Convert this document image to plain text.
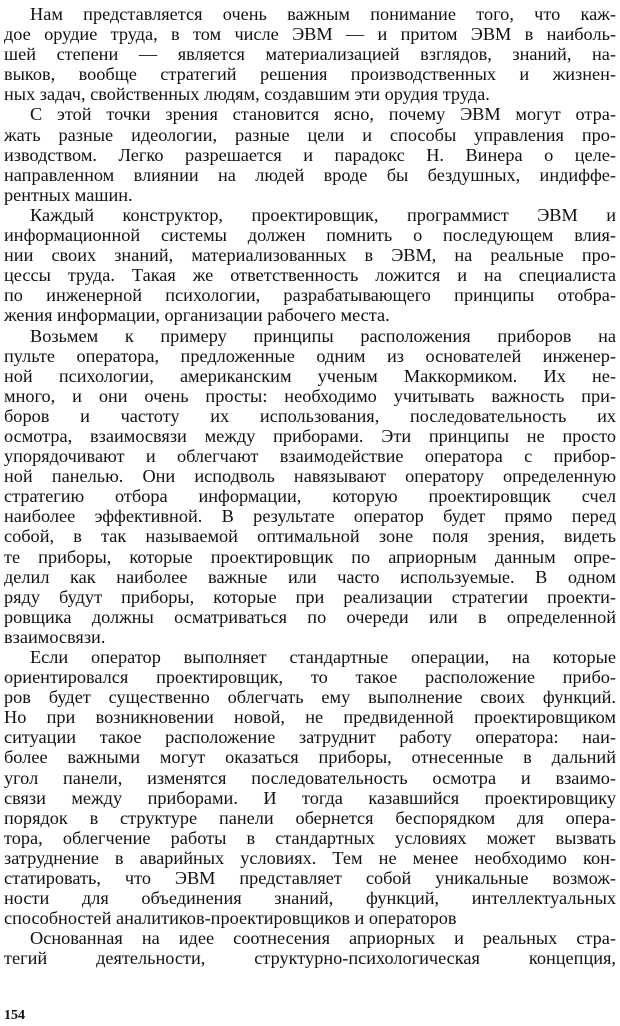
Нам представляется очень важным понимание того, что каж-
дое орудие труда, в том числе ЭВМ — и притом ЭВМ в наиболь-
шей степени — является материализацией взглядов, знаний, на-
выков, вообще стратегий решения производственных и жизнен-
ных задач, свойственных людям, создавшим эти орудия труда.
С этой точки зрения становится ясно, почему ЭВМ могут отра-
жать разные идеологии, разные цели и способы управления про-
изводством. Легко разрешается и парадокс Н. Винера о целе-
направленном влиянии на людей вроде бы бездушных, индиффе-
рентных машин.
Каждый конструктор, проектировщик, программист ЭВМ и
информационной системы должен помнить о последующем влия-
нии своих знаний, материализованных в ЭВМ, на реальные про-
цессы труда. Такая же ответственность ложится и на специалиста
по инженерной психологии, разрабатывающего принципы отобра-
жения информации, организации рабочего места.
Возьмем к примеру принципы расположения приборов на
пульте оператора, предложенные одним из основателей инженер-
ной психологии, американским ученым Маккормиком. Их не-
много, и они очень просты: необходимо учитывать важность при-
боров и частоту их использования, последовательность их
осмотра, взаимосвязи между приборами. Эти принципы не просто
упорядочивают и облегчают взаимодействие оператора с прибор-
ной панелью. Они исподволь навязывают оператору определенную
стратегию отбора информации, которую проектировщик счел
наиболее эффективной. В результате оператор будет прямо перед
собой, в так называемой оптимальной зоне поля зрения, видеть
те приборы, которые проектировщик по априорным данным опре-
делил как наиболее важные или часто используемые. В одном
ряду будут приборы, которые при реализации стратегии проекти-
ровщика должны осматриваться по очереди или в определенной
взаимосвязи.
Если оператор выполняет стандартные операции, на которые
ориентировался проектировщик, то такое расположение прибо-
ров будет существенно облегчать ему выполнение своих функций.
Но при возникновении новой, не предвиденной проектировщиком
ситуации такое расположение затруднит работу оператора: наи-
более важными могут оказаться приборы, отнесенные в дальний
угол панели, изменятся последовательность осмотра и взаимо-
связи между приборами. И тогда казавшийся проектировщику
порядок в структуре панели обернется беспорядком для опера-
тора, облегчение работы в стандартных условиях может вызвать
затруднение в аварийных условиях. Тем не менее необходимо кон-
статировать, что ЭВМ представляет собой уникальные возмож-
ности для объединения знаний, функций, интеллектуальных
способностей аналитиков-проектировщиков и операторов
Основанная на идее соотнесения априорных и реальных стра-
тегий деятельности, структурно-психологическая концепция,
154
